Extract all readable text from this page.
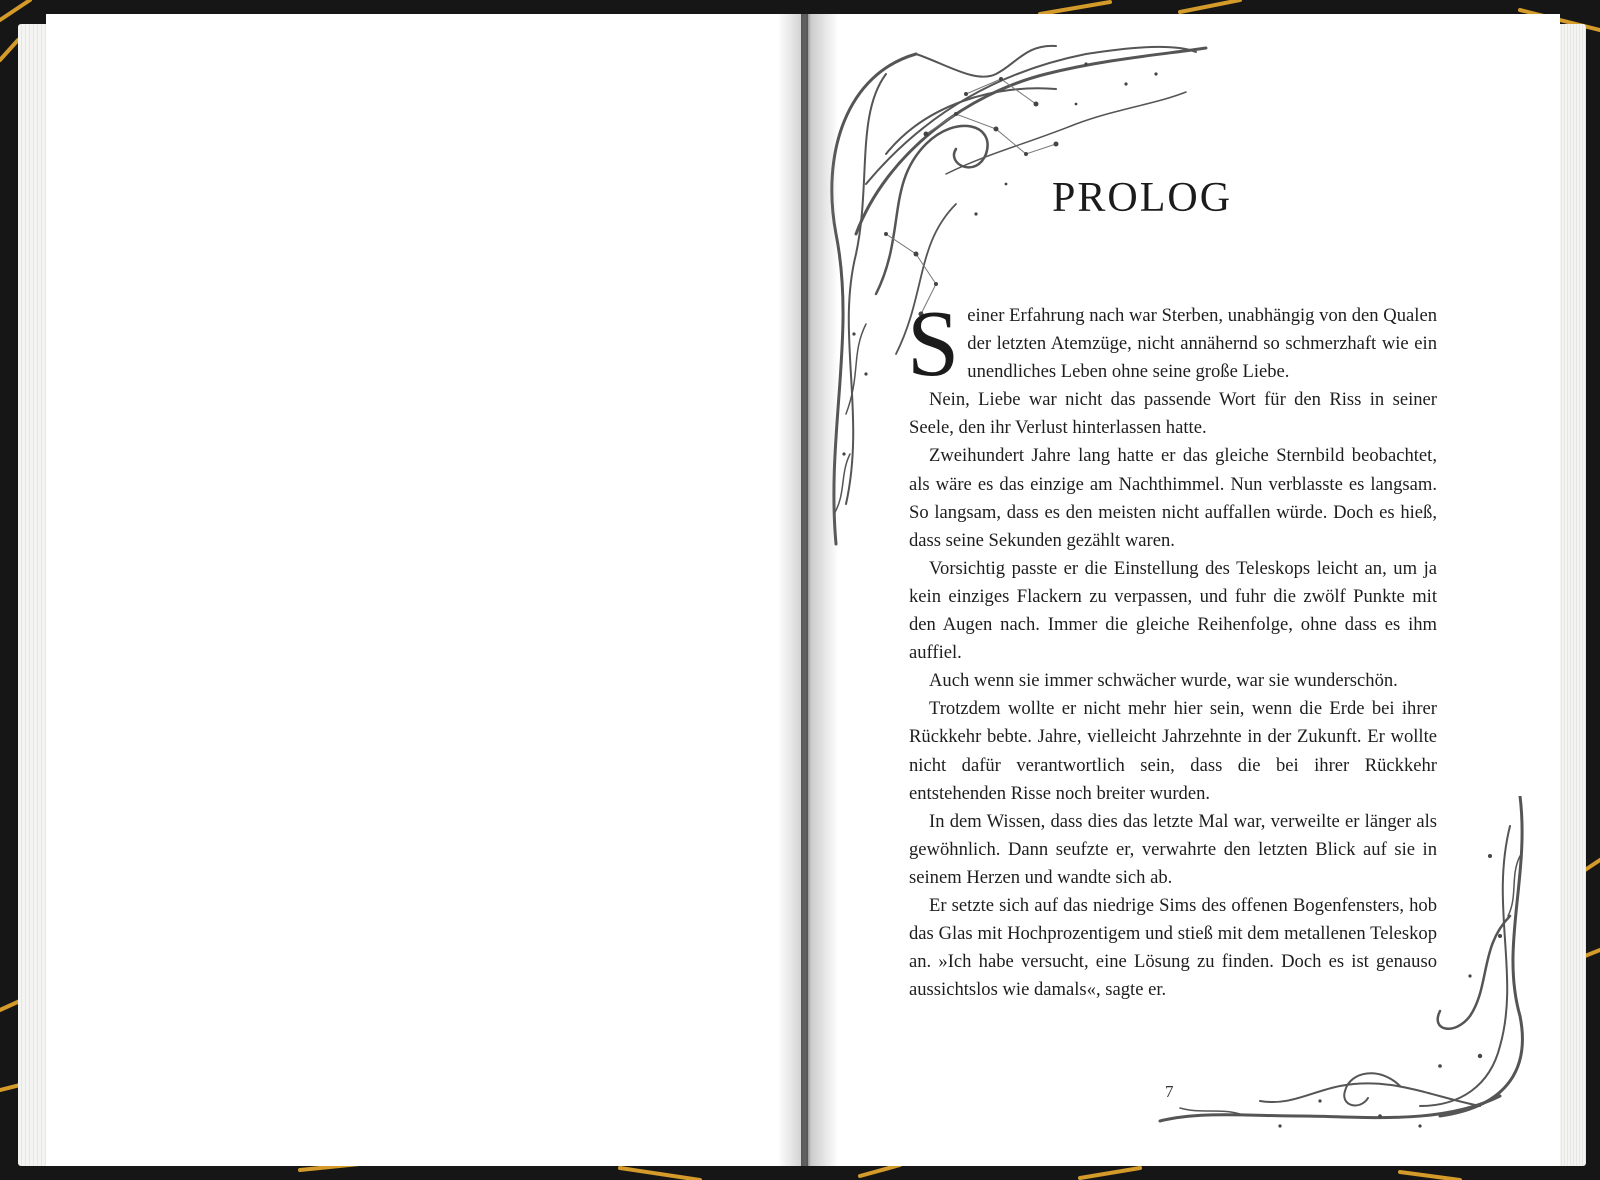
PROLOG

Seiner Erfahrung nach war Sterben, unabhängig von den Qualen der letzten Atemzüge, nicht annähernd so schmerzhaft wie ein unendliches Leben ohne seine große Liebe.

Nein, Liebe war nicht das passende Wort für den Riss in seiner Seele, den ihr Verlust hinterlassen hatte.

Zweihundert Jahre lang hatte er das gleiche Sternbild beobachtet, als wäre es das einzige am Nachthimmel. Nun verblasste es langsam. So langsam, dass es den meisten nicht auffallen würde. Doch es hieß, dass seine Sekunden gezählt waren.

Vorsichtig passte er die Einstellung des Teleskops leicht an, um ja kein einziges Flackern zu verpassen, und fuhr die zwölf Punkte mit den Augen nach. Immer die gleiche Reihenfolge, ohne dass es ihm auffiel.

Auch wenn sie immer schwächer wurde, war sie wunderschön.

Trotzdem wollte er nicht mehr hier sein, wenn die Erde bei ihrer Rückkehr bebte. Jahre, vielleicht Jahrzehnte in der Zukunft. Er wollte nicht dafür verantwortlich sein, dass die bei ihrer Rückkehr entstehenden Risse noch breiter wurden.

In dem Wissen, dass dies das letzte Mal war, verweilte er länger als gewöhnlich. Dann seufzte er, verwahrte den letzten Blick auf sie in seinem Herzen und wandte sich ab.

Er setzte sich auf das niedrige Sims des offenen Bogenfensters, hob das Glas mit Hochprozentigem und stieß mit dem metallenen Teleskop an. »Ich habe versucht, eine Lösung zu finden. Doch es ist genauso aussichtslos wie damals«, sagte er.

7
